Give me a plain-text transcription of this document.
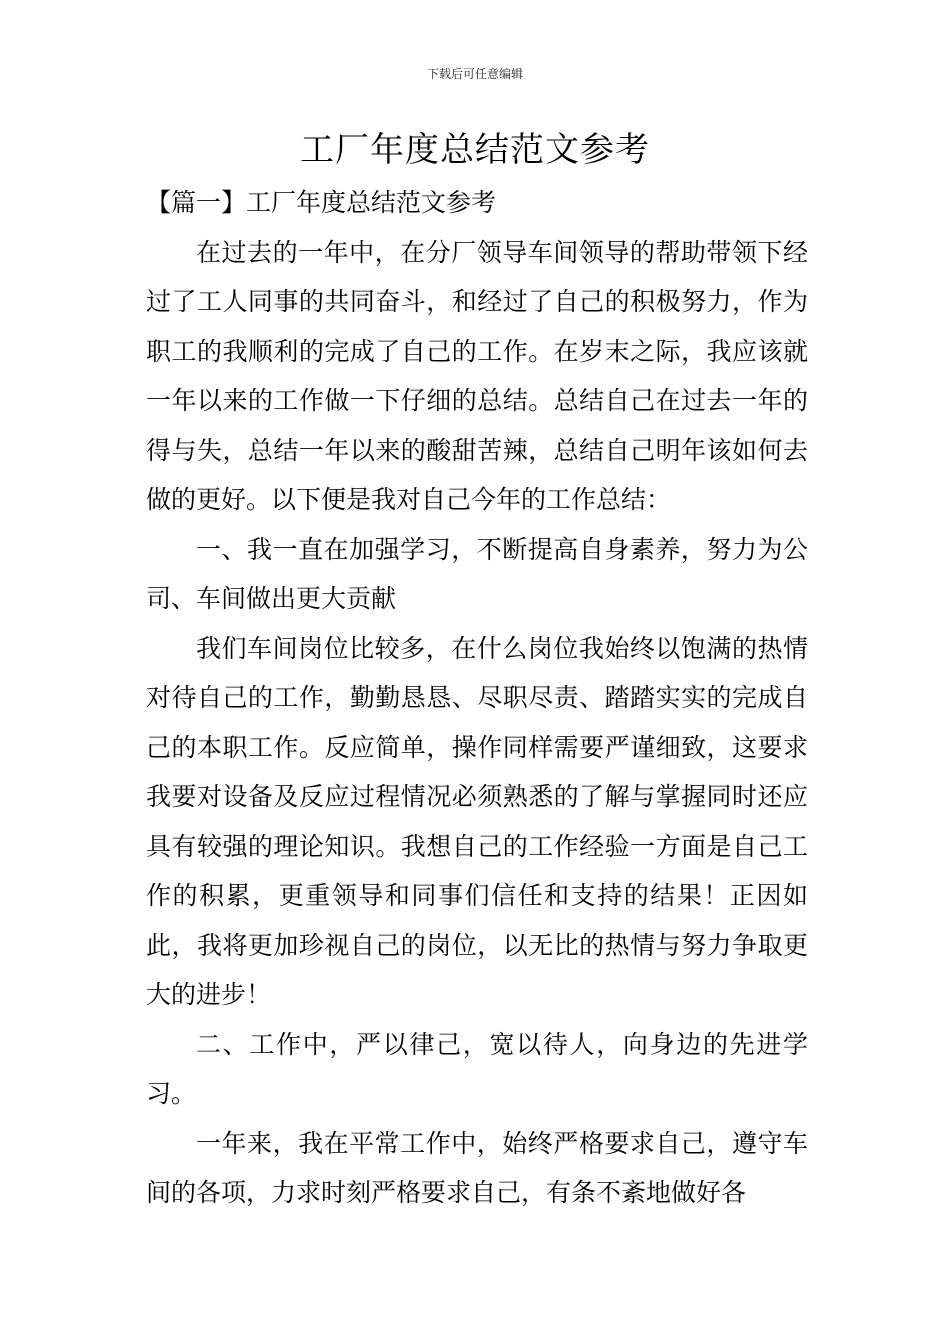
下载后可任意编辑
工厂年度总结范文参考

【篇一】工厂年度总结范文参考

在过去的一年中，在分厂领导车间领导的帮助带领下经过了工人同事的共同奋斗，和经过了自己的积极努力，作为职工的我顺利的完成了自己的工作。在岁末之际，我应该就一年以来的工作做一下仔细的总结。总结自己在过去一年的得与失，总结一年以来的酸甜苦辣，总结自己明年该如何去做的更好。以下便是我对自己今年的工作总结：

一、我一直在加强学习，不断提高自身素养，努力为公司、车间做出更大贡献

我们车间岗位比较多，在什么岗位我始终以饱满的热情对待自己的工作，勤勤恳恳、尽职尽责、踏踏实实的完成自己的本职工作。反应简单，操作同样需要严谨细致，这要求我要对设备及反应过程情况必须熟悉的了解与掌握同时还应具有较强的理论知识。我想自己的工作经验一方面是自己工作的积累，更重领导和同事们信任和支持的结果！正因如此，我将更加珍视自己的岗位，以无比的热情与努力争取更大的进步！

二、工作中，严以律己，宽以待人，向身边的先进学习。

一年来，我在平常工作中，始终严格要求自己，遵守车间的各项，力求时刻严格要求自己，有条不紊地做好各
